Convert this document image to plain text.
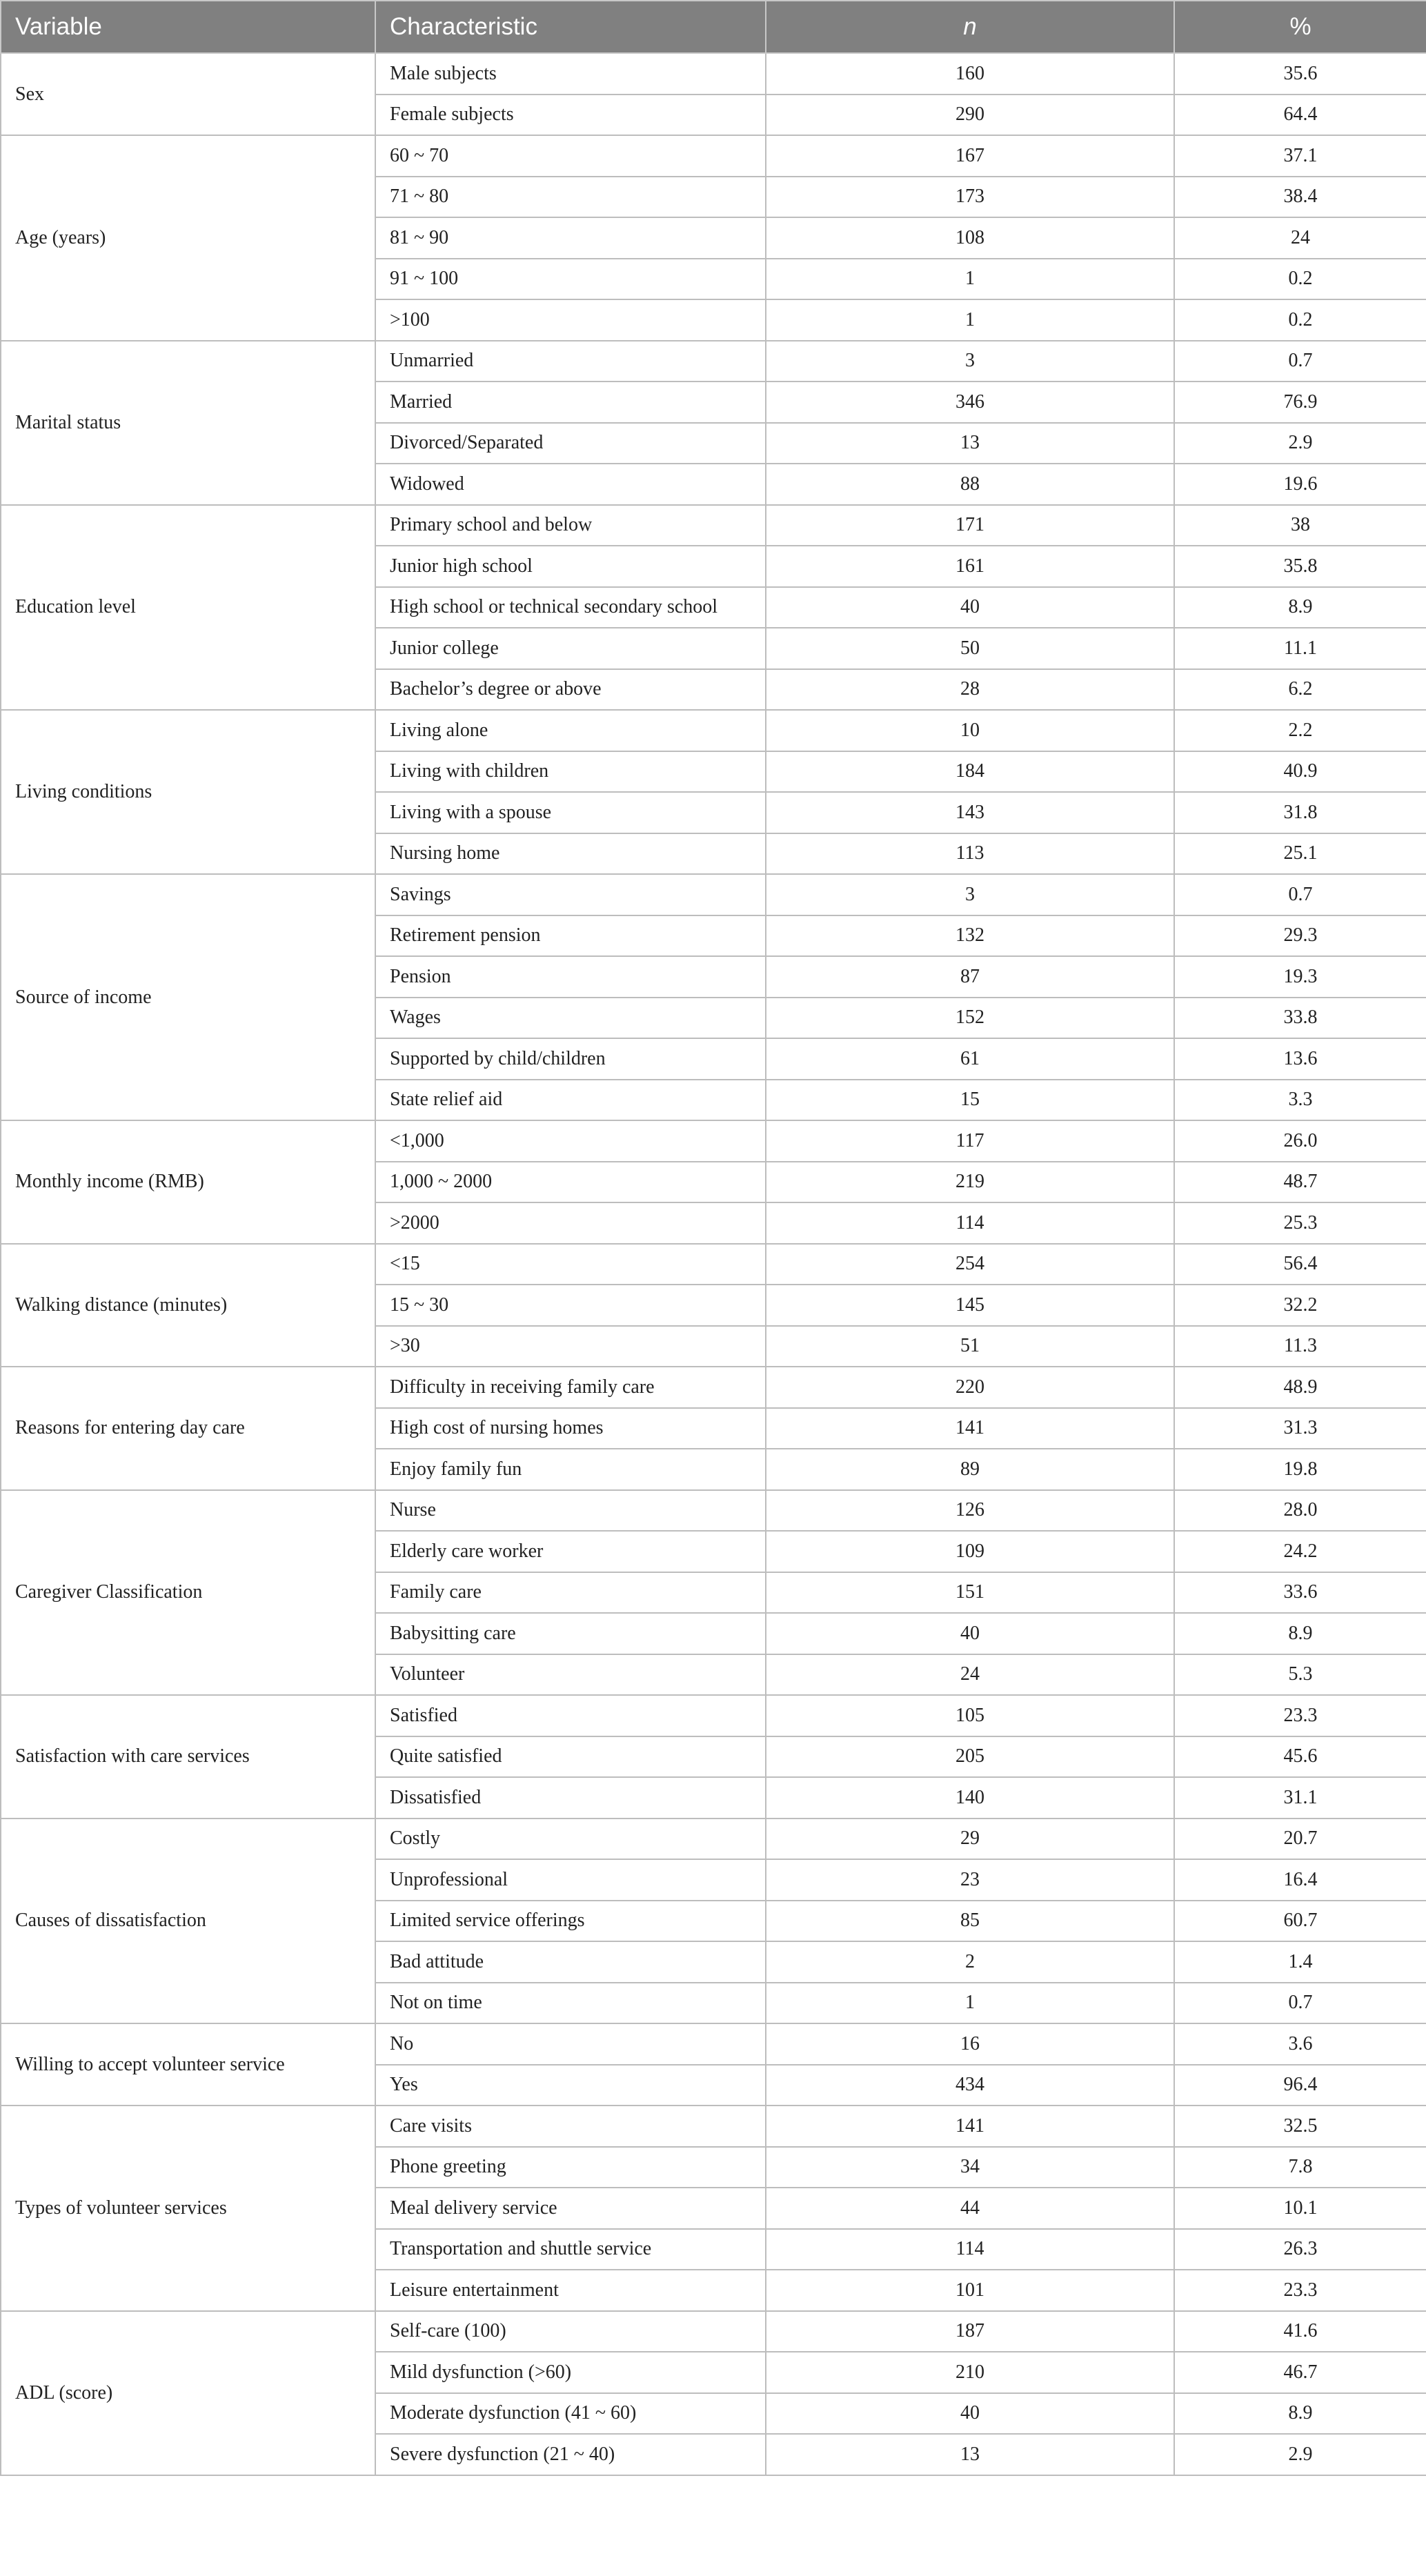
Variable	Characteristic	n	%
Sex	Male subjects	160	35.6
	Female subjects	290	64.4
Age (years)	60 ~ 70	167	37.1
	71 ~ 80	173	38.4
	81 ~ 90	108	24
	91 ~ 100	1	0.2
	>100	1	0.2
Marital status	Unmarried	3	0.7
	Married	346	76.9
	Divorced/Separated	13	2.9
	Widowed	88	19.6
Education level	Primary school and below	171	38
	Junior high school	161	35.8
	High school or technical secondary school	40	8.9
	Junior college	50	11.1
	Bachelor’s degree or above	28	6.2
Living conditions	Living alone	10	2.2
	Living with children	184	40.9
	Living with a spouse	143	31.8
	Nursing home	113	25.1
Source of income	Savings	3	0.7
	Retirement pension	132	29.3
	Pension	87	19.3
	Wages	152	33.8
	Supported by child/children	61	13.6
	State relief aid	15	3.3
Monthly income (RMB)	<1,000	117	26.0
	1,000 ~ 2000	219	48.7
	>2000	114	25.3
Walking distance (minutes)	<15	254	56.4
	15 ~ 30	145	32.2
	>30	51	11.3
Reasons for entering day care	Difficulty in receiving family care	220	48.9
	High cost of nursing homes	141	31.3
	Enjoy family fun	89	19.8
Caregiver Classification	Nurse	126	28.0
	Elderly care worker	109	24.2
	Family care	151	33.6
	Babysitting care	40	8.9
	Volunteer	24	5.3
Satisfaction with care services	Satisfied	105	23.3
	Quite satisfied	205	45.6
	Dissatisfied	140	31.1
Causes of dissatisfaction	Costly	29	20.7
	Unprofessional	23	16.4
	Limited service offerings	85	60.7
	Bad attitude	2	1.4
	Not on time	1	0.7
Willing to accept volunteer service	No	16	3.6
	Yes	434	96.4
Types of volunteer services	Care visits	141	32.5
	Phone greeting	34	7.8
	Meal delivery service	44	10.1
	Transportation and shuttle service	114	26.3
	Leisure entertainment	101	23.3
ADL (score)	Self-care (100)	187	41.6
	Mild dysfunction (>60)	210	46.7
	Moderate dysfunction (41 ~ 60)	40	8.9
	Severe dysfunction (21 ~ 40)	13	2.9
